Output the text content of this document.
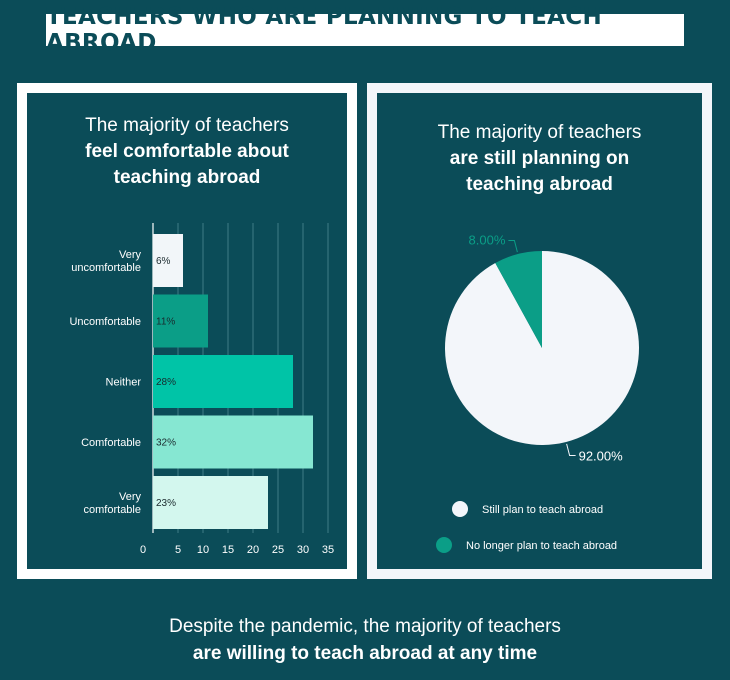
TEACHERS WHO ARE PLANNING TO TEACH ABROAD
The majority of teachers
feel comfortable about
teaching abroad
6%
Very
uncomfortable
11%
Uncomfortable
28%
Neither
32%
Comfortable
23%
Very
comfortable
0	5 10 15 20 25 30 35
The majority of teachers
are still planning on
teaching abroad
92.00%
8.00%
Still plan to teach abroad
No longer plan to teach abroad
Despite the pandemic, the majority of teachers
are willing to teach abroad at any time
